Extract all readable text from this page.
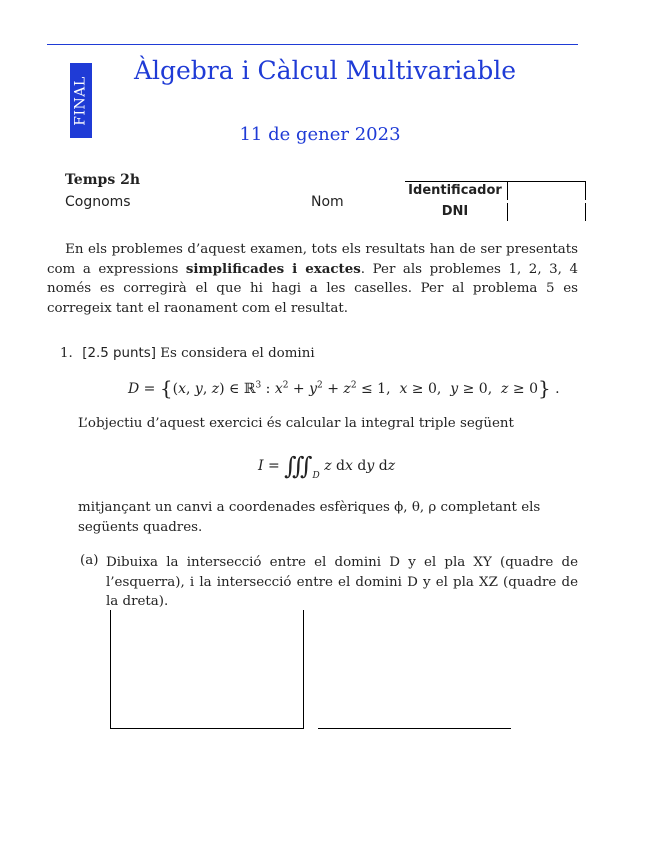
FINAL
Àlgebra i Càlcul Multivariable
11 de gener 2023
Temps 2h
Cognoms	Nom
Identificador
DNI
En els problemes d’aquest examen, tots els resultats han de ser presentats com a expressions simplificades i exactes. Per als problemes 1, 2, 3, 4 només es corregirà el que hi hagi a les caselles. Per al problema 5 es corregeix tant el raonament com el resultat.
1. [2.5 punts] Es considera el domini
D = {(x, y, z) ∈ ℝ$^3$ : $x^2 + y^2 + z^2 \le 1$,  x ≥ 0,  y ≥ 0,  z ≥ 0} .
L’objectiu d’aquest exercici és calcular la integral triple següent
$I = ∭_D$ z dx dy dz
mitjançant un canvi a coordenades esfèriques ϕ, θ, ρ completant els següents quadres.
(a) Dibuixa la intersecció entre el domini D y el pla XY (quadre de l’esquerra), i la intersecció entre el domini D y el pla XZ (quadre de la dreta).
